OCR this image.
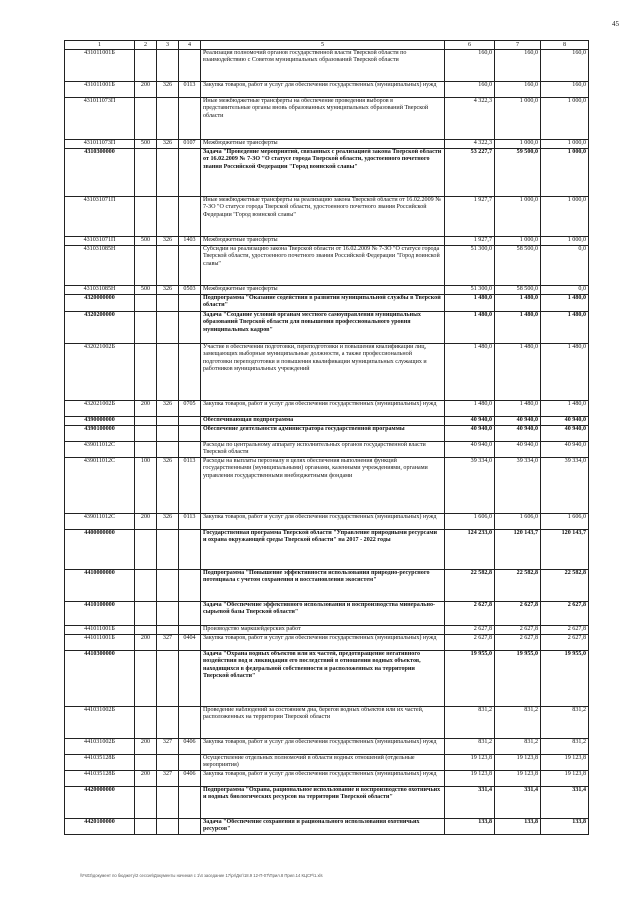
45
1	2	3	4	5	6	7	8
431011001Б				Реализация полномочий органов государственной власти Тверской области по взаимодействию с Советом муниципальных образований Тверской области	160,0	160,0	160,0
431011001Б	200	326	0113	Закупка товаров, работ и услуг для обеспечения государственных (муниципальных) нужд	160,0	160,0	160,0
431011073П				Иные межбюджетные трансферты на обеспечение проведения выборов в представительные органы вновь образованных муниципальных образований Тверской области	4 322,3	1 000,0	1 000,0
431011073П	500	326	0107	Межбюджетные трансферты	4 322,3	1 000,0	1 000,0
4310300000				Задача "Проведение мероприятий, связанных с реализацией закона Тверской области от 16.02.2009 № 7-ЗО "О статусе города Тверской области, удостоенного почетного звания Российской Федерации "Город воинской славы"	53 227,7	59 500,0	1 000,0
431031071П				Иные межбюджетные трансферты на реализацию закона Тверской области от 16.02.2009 № 7-ЗО "О статусе города Тверской области, удостоенного почетного звания Российской Федерации "Город воинской славы"	1 927,7	1 000,0	1 000,0
431031071П	500	326	1403	Межбюджетные трансферты	1 927,7	1 000,0	1 000,0
431031085Н				Субсидии на реализацию закона Тверской области от 16.02.2009 № 7-ЗО "О статусе города Тверской области, удостоенного почетного звания Российской Федерации "Город воинской славы"	51 300,0	58 500,0	0,0
431031085Н	500	326	0503	Межбюджетные трансферты	51 300,0	58 500,0	0,0
4320000000				Подпрограмма "Оказание содействия в развитии муниципальной службы в Тверской области"	1 480,0	1 480,0	1 480,0
4320200000				Задача "Создание условий органам местного самоуправления муниципальных образований Тверской области для повышения профессионального уровня муниципальных кадров"	1 480,0	1 480,0	1 480,0
432021002Б				Участие в обеспечении подготовки, переподготовки и повышения квалификации лиц, замещающих выборные муниципальные должности, а также профессиональной подготовки переподготовки и повышения квалификации муниципальных служащих и работников муниципальных учреждений	1 480,0	1 480,0	1 480,0
432021002Б	200	326	0705	Закупка товаров, работ и услуг для обеспечения государственных (муниципальных) нужд	1 480,0	1 480,0	1 480,0
4390000000				Обеспечивающая подпрограмма	40 940,0	40 940,0	40 940,0
4390100000				Обеспечение деятельности администратора государственной программы	40 940,0	40 940,0	40 940,0
439011012С				Расходы по центральному аппарату исполнительных органов государственной власти Тверской области	40 940,0	40 940,0	40 940,0
439011012С	100	326	0113	Расходы на выплаты персоналу в целях обеспечения выполнения функций государственными (муниципальными) органами, казенными учреждениями, органами управления государственными внебюджетными фондами	39 334,0	39 334,0	39 334,0
439011012С	200	326	0113	Закупка товаров, работ и услуг для обеспечения государственных (муниципальных) нужд	1 606,0	1 606,0	1 606,0
4400000000				Государственная программа Тверской области "Управление природными ресурсами и охрана окружающей среды Тверской области" на 2017 - 2022 годы	124 233,0	120 143,7	120 143,7
4410000000				Подпрограмма "Повышение эффективности использования природно-ресурсного потенциала с учетом сохранения и восстановления экосистем"	22 582,8	22 582,8	22 582,8
4410100000				Задача "Обеспечение эффективного использования и воспроизводства минерально-сырьевой базы Тверской области"	2 627,8	2 627,8	2 627,8
441011001Б				Производство маркшейдерских работ	2 627,8	2 627,8	2 627,8
441011001Б	200	327	0404	Закупка товаров, работ и услуг для обеспечения государственных (муниципальных) нужд	2 627,8	2 627,8	2 627,8
4410300000				Задача "Охрана водных объектов или их частей, предотвращение негативного воздействия вод и ликвидация его последствий в отношении водных объектов, находящихся в федеральной собственности и расположенных на территории Тверской области"	19 955,0	19 955,0	19 955,0
441031002Б				Проведение наблюдений за состоянием дна, берегов водных объектов или их частей, расположенных на территории Тверской области	831,2	831,2	831,2
441031002Б	200	327	0406	Закупка товаров, работ и услуг для обеспечения государственных (муниципальных) нужд	831,2	831,2	831,2
441035128Б				Осуществление отдельных полномочий в области водных отношений (отдельные мероприятия)	19 123,8	19 123,8	19 123,8
441035128Б	200	327	0406	Закупка товаров, работ и услуг для обеспечения государственных (муниципальных) нужд	19 123,8	19 123,8	19 123,8
4420000000				Подпрограмма "Охрана, рациональное использование и воспроизводство охотничьих и водных биологических ресурсов на территории Тверской области"	331,4	331,4	331,4
4420100000				Задача "Обеспечение сохранения и рационального использования охотничьих ресурсов"	133,8	133,8	133,8
\\Fs03\документ по бюджету\2 сессия\Документы начиная с 1\4 заседание 17\pr\Дкт\18.9 12-П-07\Прил.8 Прил.14 КЦСР\1.xls
